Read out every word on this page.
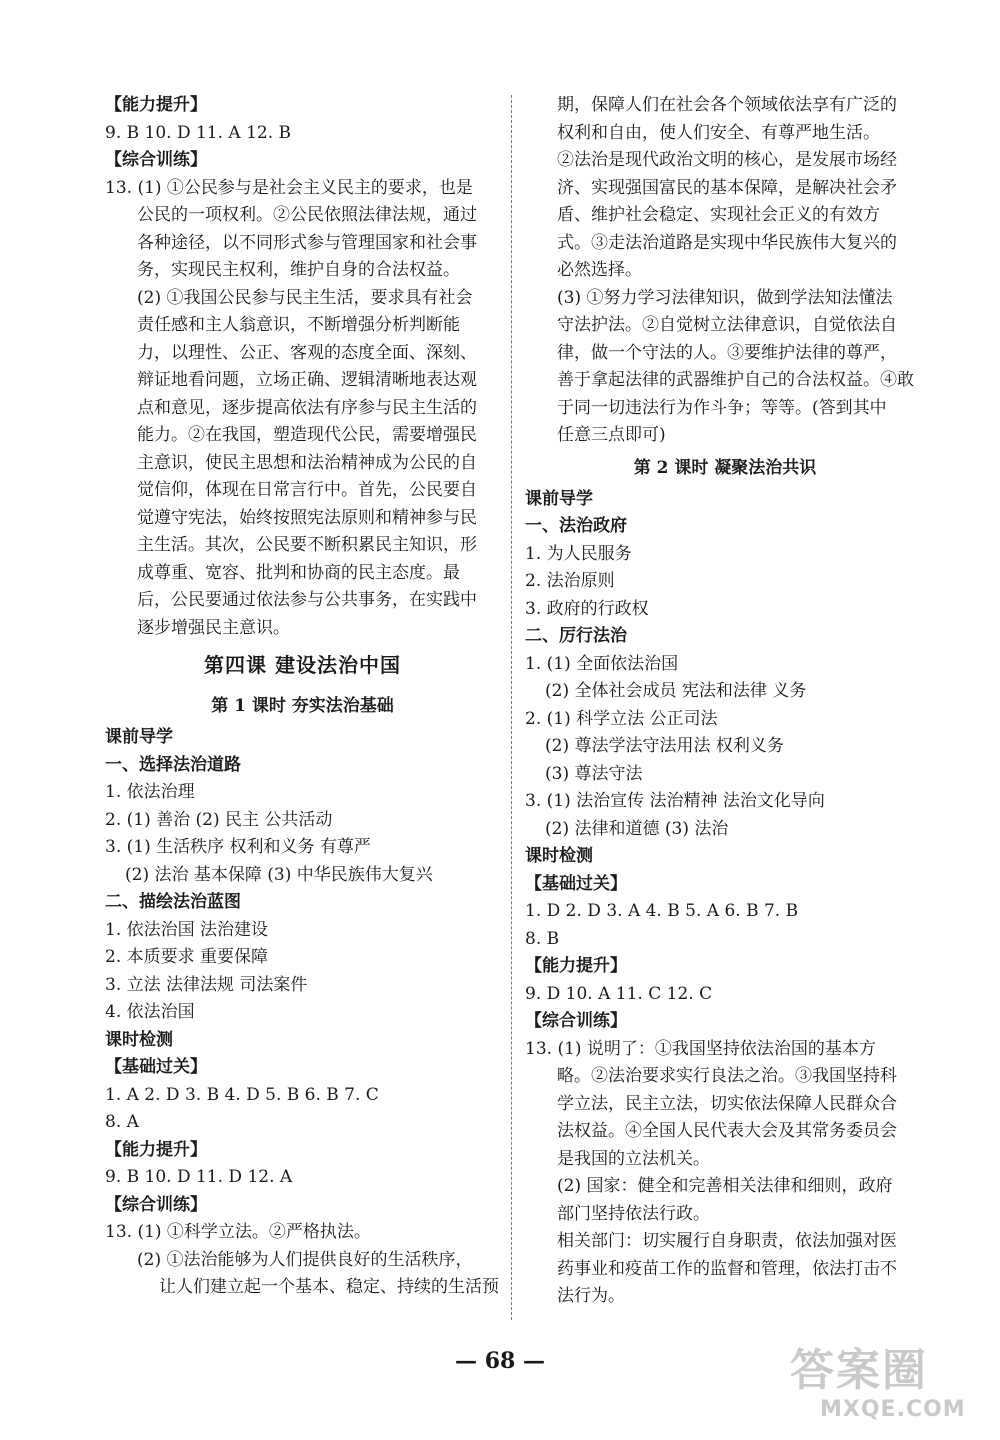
【能力提升】
9. B 10. D 11. A 12. B
【综合训练】
13. (1) ①公民参与是社会主义民主的要求，也是
公民的一项权利。②公民依照法律法规，通过
各种途径，以不同形式参与管理国家和社会事
务，实现民主权利，维护自身的合法权益。
(2) ①我国公民参与民主生活，要求具有社会
责任感和主人翁意识，不断增强分析判断能
力，以理性、公正、客观的态度全面、深刻、
辩证地看问题，立场正确、逻辑清晰地表达观
点和意见，逐步提高依法有序参与民主生活的
能力。②在我国，塑造现代公民，需要增强民
主意识，使民主思想和法治精神成为公民的自
觉信仰，体现在日常言行中。首先，公民要自
觉遵守宪法，始终按照宪法原则和精神参与民
主生活。其次，公民要不断积累民主知识，形
成尊重、宽容、批判和协商的民主态度。最
后，公民要通过依法参与公共事务，在实践中
逐步增强民主意识。
第四课 建设法治中国
第 1 课时 夯实法治基础
课前导学
一、选择法治道路
1. 依法治理
2. (1) 善治 (2) 民主 公共活动
3. (1) 生活秩序 权利和义务 有尊严
(2) 法治 基本保障 (3) 中华民族伟大复兴
二、描绘法治蓝图
1. 依法治国 法治建设
2. 本质要求 重要保障
3. 立法 法律法规 司法案件
4. 依法治国
课时检测
【基础过关】
1. A 2. D 3. B 4. D 5. B 6. B 7. C
8. A
【能力提升】
9. B 10. D 11. D 12. A
【综合训练】
13. (1) ①科学立法。②严格执法。
(2) ①法治能够为人们提供良好的生活秩序，
让人们建立起一个基本、稳定、持续的生活预
期，保障人们在社会各个领域依法享有广泛的
权利和自由，使人们安全、有尊严地生活。
②法治是现代政治文明的核心，是发展市场经
济、实现强国富民的基本保障，是解决社会矛
盾、维护社会稳定、实现社会正义的有效方
式。③走法治道路是实现中华民族伟大复兴的
必然选择。
(3) ①努力学习法律知识，做到学法知法懂法
守法护法。②自觉树立法律意识，自觉依法自
律，做一个守法的人。③要维护法律的尊严，
善于拿起法律的武器维护自己的合法权益。④敢
于同一切违法行为作斗争；等等。(答到其中
任意三点即可)
第 2 课时 凝聚法治共识
课前导学
一、法治政府
1. 为人民服务
2. 法治原则
3. 政府的行政权
二、厉行法治
1. (1) 全面依法治国
(2) 全体社会成员 宪法和法律 义务
2. (1) 科学立法 公正司法
(2) 尊法学法守法用法 权利义务
(3) 尊法守法
3. (1) 法治宣传 法治精神 法治文化导向
(2) 法律和道德 (3) 法治
课时检测
【基础过关】
1. D 2. D 3. A 4. B 5. A 6. B 7. B
8. B
【能力提升】
9. D 10. A 11. C 12. C
【综合训练】
13. (1) 说明了：①我国坚持依法治国的基本方
略。②法治要求实行良法之治。③我国坚持科
学立法，民主立法，切实依法保障人民群众合
法权益。④全国人民代表大会及其常务委员会
是我国的立法机关。
(2) 国家：健全和完善相关法律和细则，政府
部门坚持依法行政。
相关部门：切实履行自身职责，依法加强对医
药事业和疫苗工作的监督和管理，依法打击不
法行为。
— 68 —	答案圈
MXQE.COM
